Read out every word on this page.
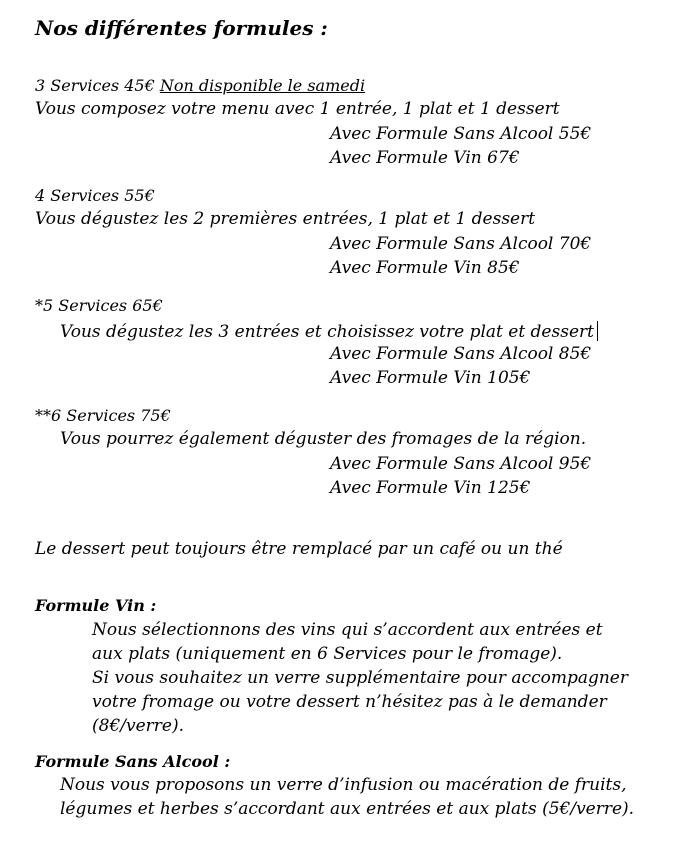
Nos différentes formules :
3 Services 45€ Non disponible le samedi
Vous composez votre menu avec 1 entrée, 1 plat et 1 dessert
Avec Formule Sans Alcool 55€
Avec Formule Vin 67€
4 Services 55€
Vous dégustez les 2 premières entrées, 1 plat et 1 dessert
Avec Formule Sans Alcool 70€
Avec Formule Vin 85€
*5 Services 65€
Vous dégustez les 3 entrées et choisissez votre plat et dessert
Avec Formule Sans Alcool 85€
Avec Formule Vin 105€
**6 Services 75€
Vous pourrez également déguster des fromages de la région.
Avec Formule Sans Alcool 95€
Avec Formule Vin 125€
Le dessert peut toujours être remplacé par un café ou un thé
Formule Vin :
Nous sélectionnons des vins qui s’accordent aux entrées et
aux plats (uniquement en 6 Services pour le fromage).
Si vous souhaitez un verre supplémentaire pour accompagner
votre fromage ou votre dessert n’hésitez pas à le demander
(8€/verre).
Formule Sans Alcool :
Nous vous proposons un verre d’infusion ou macération de fruits,
légumes et herbes s’accordant aux entrées et aux plats (5€/verre).
